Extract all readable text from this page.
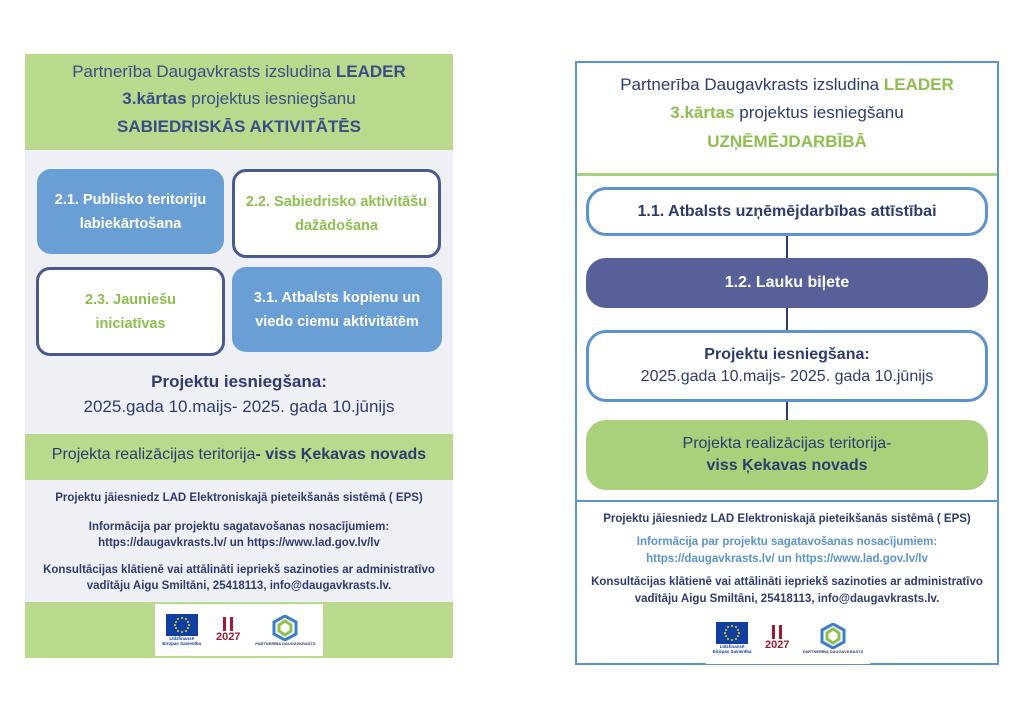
Partnerība Daugavkrasts izsludina LEADER
3.kārtas projektus iesniegšanu
SABIEDRISKĀS AKTIVITĀTĒS
2.1. Publisko teritoriju labiekārtošana
2.2. Sabiedrisko aktivitāšu dažādošana
2.3. Jauniešu iniciatīvas
3.1. Atbalsts kopienu un viedo ciemu aktivitātēm
Projektu iesniegšana:
2025.gada 10.maijs- 2025. gada 10.jūnijs
Projekta realizācijas teritorija- viss Ķekavas novads
Projektu jāiesniedz LAD Elektroniskajā pieteikšanās sistēmā ( EPS)
Informācija par projektu sagatavošanas nosacījumiem:
https://daugavkrasts.lv/ un https://www.lad.gov.lv/lv
Konsultācijas klātienē vai attālināti iepriekš sazinoties ar administratīvo
vadītāju Aigu Smiltāni, 25418113, info@daugavkrasts.lv.
Līdzfinansē
Eiropas Savienība
2027	PARTNERĪBA DAUGAVKRASTS
Partnerība Daugavkrasts izsludina LEADER
3.kārtas projektus iesniegšanu
UZŅĒMĒJDARBĪBĀ
1.1. Atbalsts uzņēmējdarbības attīstībai
1.2. Lauku biļete
Projektu iesniegšana:
2025.gada 10.maijs- 2025. gada 10.jūnijs
Projekta realizācijas teritorija-
viss Ķekavas novads
Projektu jāiesniedz LAD Elektroniskajā pieteikšanās sistēmā ( EPS)
Informācija par projektu sagatavošanas nosacījumiem:
https://daugavkrasts.lv/ un https://www.lad.gov.lv/lv
Konsultācijas klātienē vai attālināti iepriekš sazinoties ar administratīvo
vadītāju Aigu Smiltāni, 25418113, info@daugavkrasts.lv.
Līdzfinansē
Eiropas Savienība
2027	PARTNERĪBA DAUGAVKRASTS
